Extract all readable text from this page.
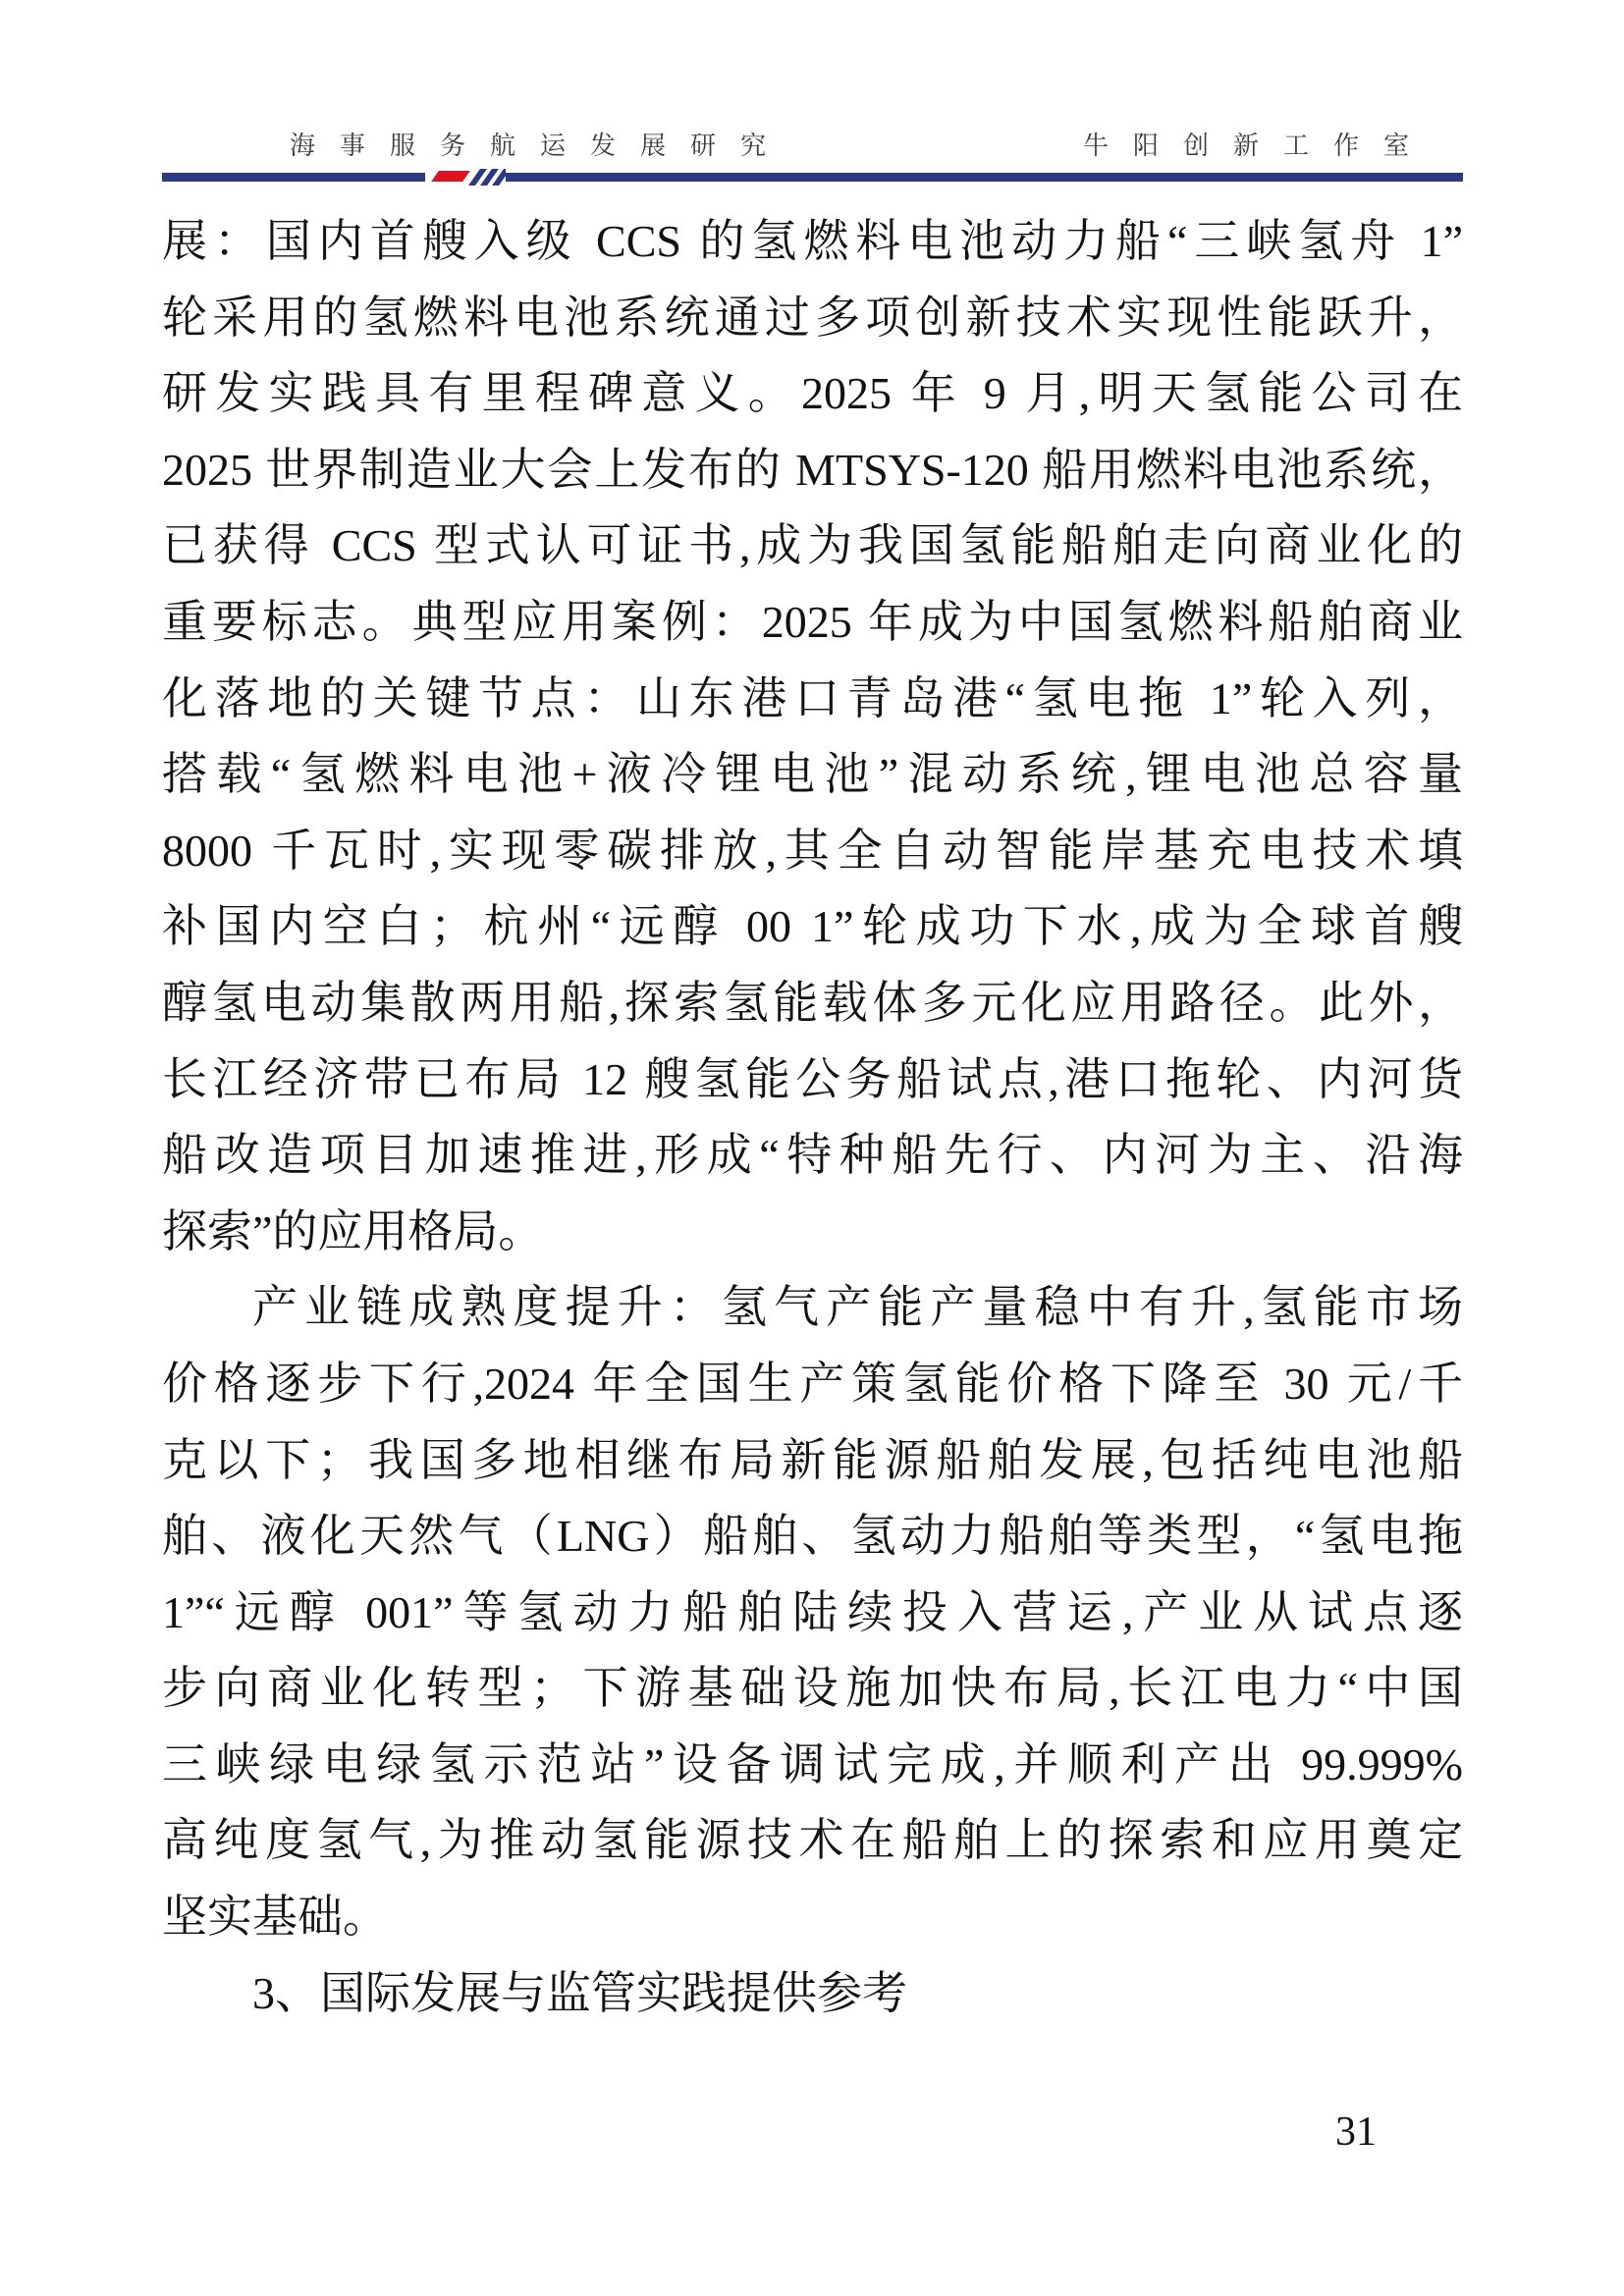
海事服务航运发展研究	牛阳创新工作室
展：国内首艘入级 CCS 的氢燃料电池动力船“三峡氢舟 1”
轮采用的氢燃料电池系统通过多项创新技术实现性能跃升，
研发实践具有里程碑意义。2025 年 9 月,明天氢能公司在
2025 世界制造业大会上发布的 MTSYS-120 船用燃料电池系统，
已获得 CCS 型式认可证书,成为我国氢能船舶走向商业化的
重要标志。典型应用案例：2025 年成为中国氢燃料船舶商业
化落地的关键节点：山东港口青岛港“氢电拖 1”轮入列，
搭载“氢燃料电池+液冷锂电池”混动系统,锂电池总容量
8000 千瓦时,实现零碳排放,其全自动智能岸基充电技术填
补国内空白；杭州“远醇 00 1”轮成功下水,成为全球首艘
醇氢电动集散两用船,探索氢能载体多元化应用路径。此外，
长江经济带已布局 12 艘氢能公务船试点,港口拖轮、内河货
船改造项目加速推进,形成“特种船先行、内河为主、沿海
探索”的应用格局。
产业链成熟度提升：氢气产能产量稳中有升,氢能市场
价格逐步下行,2024 年全国生产策氢能价格下降至 30 元/千
克以下；我国多地相继布局新能源船舶发展,包括纯电池船
舶、液化天然气（LNG）船舶、氢动力船舶等类型，“氢电拖
1”“远醇 001”等氢动力船舶陆续投入营运,产业从试点逐
步向商业化转型；下游基础设施加快布局,长江电力“中国
三峡绿电绿氢示范站”设备调试完成,并顺利产出 99.999%
高纯度氢气,为推动氢能源技术在船舶上的探索和应用奠定
坚实基础。
3、国际发展与监管实践提供参考
31
